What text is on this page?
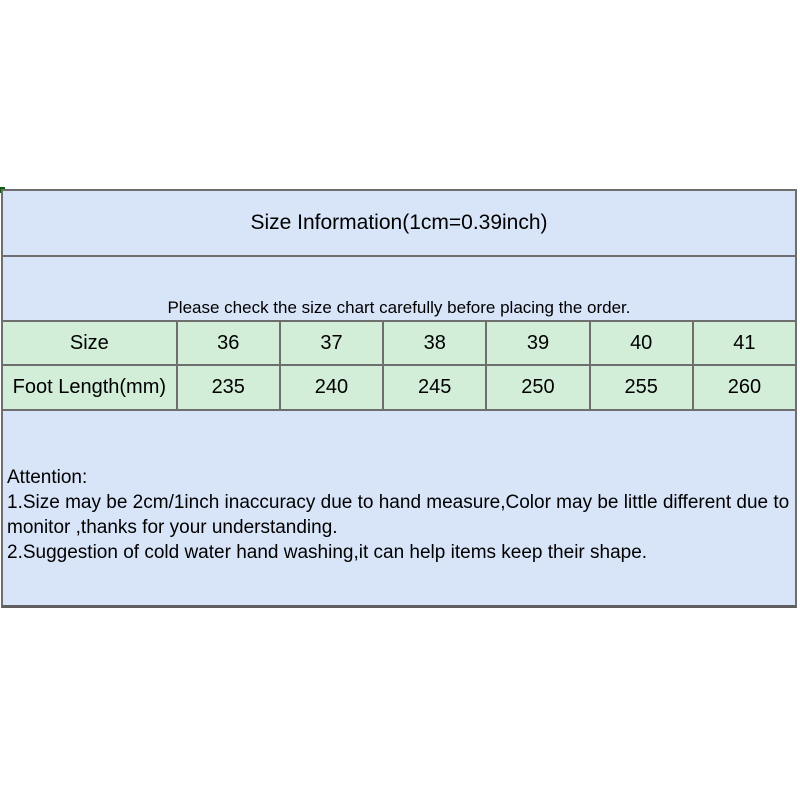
Size Information(1cm=0.39inch)
Please check the size chart carefully before placing the order.
Size	36	37	38	39	40	41
Foot Length(mm)	235	240	245	250	255	260
Attention:
1.Size may be 2cm/1inch inaccuracy due to hand measure,Color may be little different due to
monitor ,thanks for your understanding.
2.Suggestion of cold water hand washing,it can help items keep their shape.
